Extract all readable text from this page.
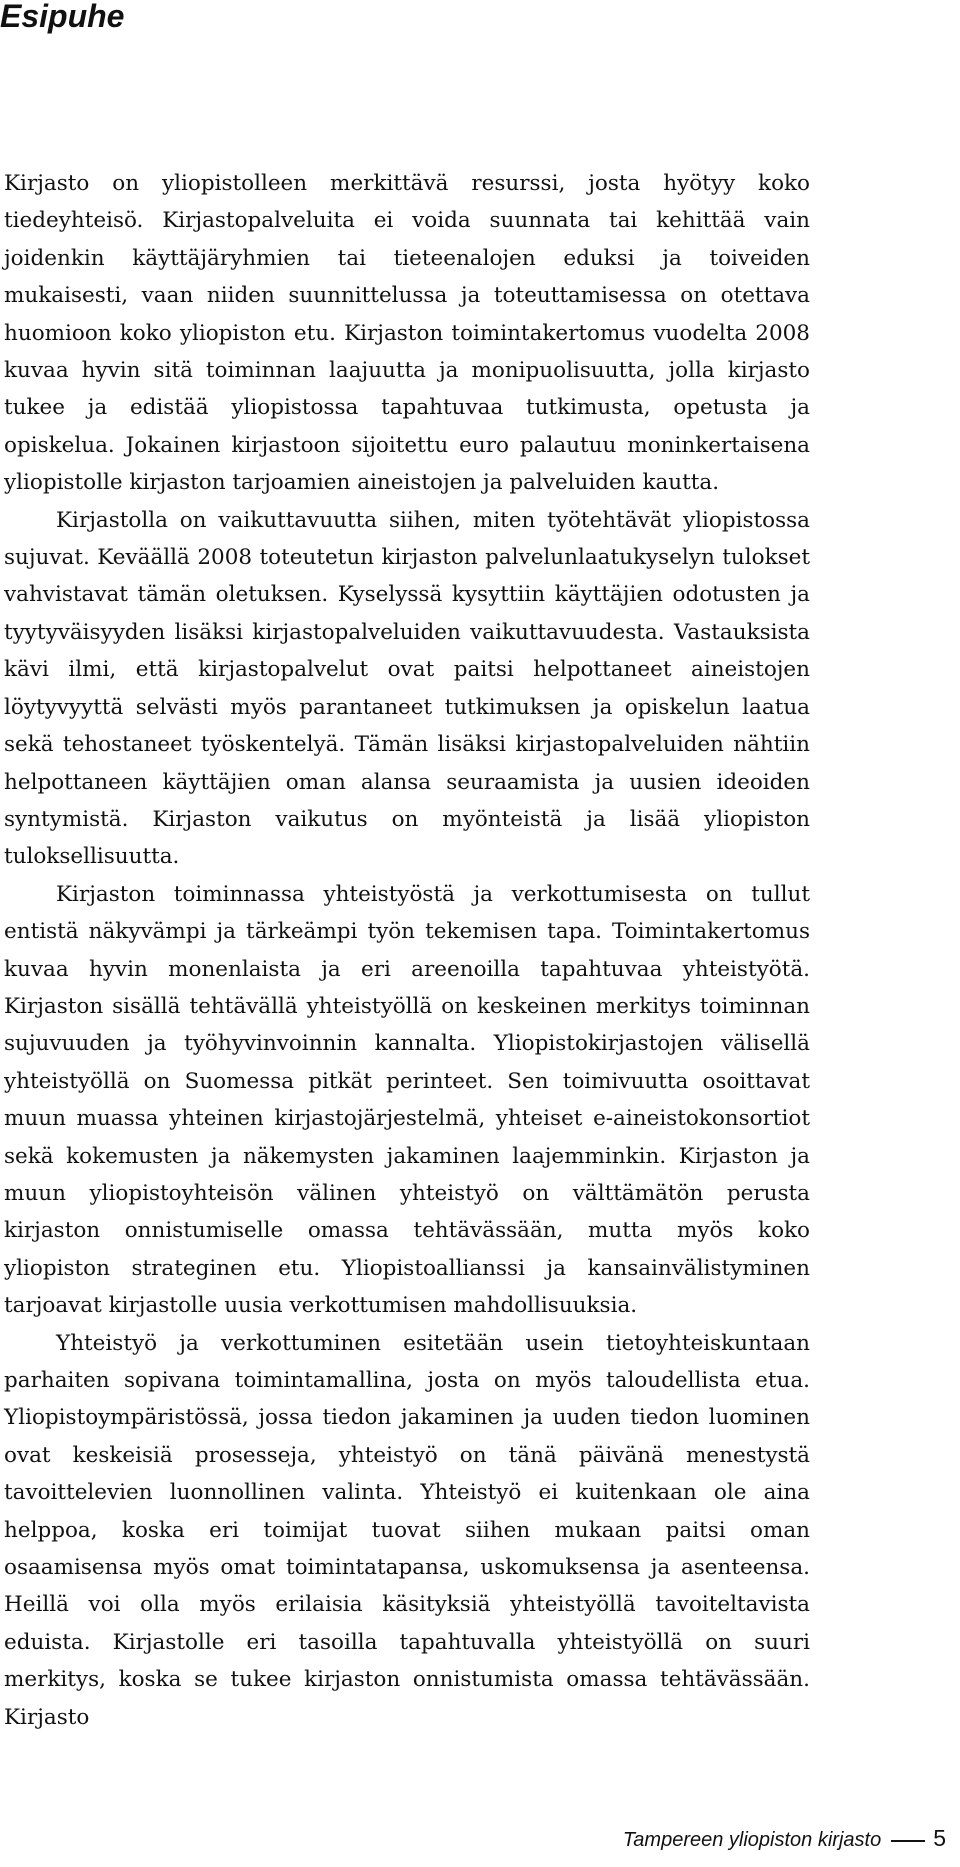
Esipuhe

Kirjasto on yliopistolleen merkittävä resurssi, josta hyötyy koko tiedeyhteisö. Kirjastopalveluita ei voida suunnata tai kehittää vain joidenkin käyttäjäryhmien tai tieteenalojen eduksi ja toiveiden mukaisesti, vaan niiden suunnittelussa ja toteuttamisessa on otettava huomioon koko yliopiston etu. Kirjaston toimintakertomus vuodelta 2008 kuvaa hyvin sitä toiminnan laajuutta ja monipuolisuutta, jolla kirjasto tukee ja edistää yliopistossa tapahtuvaa tutkimusta, opetusta ja opiskelua. Jokainen kirjastoon sijoitettu euro palautuu moninkertaisena yliopistolle kirjaston tarjoamien aineistojen ja palveluiden kautta.

Kirjastolla on vaikuttavuutta siihen, miten työtehtävät yliopistossa sujuvat. Keväällä 2008 toteutetun kirjaston palvelunlaatukyselyn tulokset vahvistavat tämän oletuksen. Kyselyssä kysyttiin käyttäjien odotusten ja tyytyväisyyden lisäksi kirjastopalveluiden vaikuttavuudesta. Vastauksista kävi ilmi, että kirjastopalvelut ovat paitsi helpottaneet aineistojen löytyvyyttä selvästi myös parantaneet tutkimuksen ja opiskelun laatua sekä tehostaneet työskentelyä. Tämän lisäksi kirjastopalveluiden nähtiin helpottaneen käyttäjien oman alansa seuraamista ja uusien ideoiden syntymistä. Kirjaston vaikutus on myönteistä ja lisää yliopiston tuloksellisuutta.

Kirjaston toiminnassa yhteistyöstä ja verkottumisesta on tullut entistä näkyvämpi ja tärkeämpi työn tekemisen tapa. Toimintakertomus kuvaa hyvin monenlaista ja eri areenoilla tapahtuvaa yhteistyötä. Kirjaston sisällä tehtävällä yhteistyöllä on keskeinen merkitys toiminnan sujuvuuden ja työhyvinvoinnin kannalta. Yliopistokirjastojen välisellä yhteistyöllä on Suomessa pitkät perinteet. Sen toimivuutta osoittavat muun muassa yhteinen kirjastojärjestelmä, yhteiset e-aineistokonsortiot sekä kokemusten ja näkemysten jakaminen laajemminkin. Kirjaston ja muun yliopistoyhteisön välinen yhteistyö on välttämätön perusta kirjaston onnistumiselle omassa tehtävässään, mutta myös koko yliopiston strateginen etu. Yliopistoallianssi ja kansainvälistyminen tarjoavat kirjastolle uusia verkottumisen mahdollisuuksia.

Yhteistyö ja verkottuminen esitetään usein tietoyhteiskuntaan parhaiten sopivana toimintamallina, josta on myös taloudellista etua. Yliopistoympäristössä, jossa tiedon jakaminen ja uuden tiedon luominen ovat keskeisiä prosesseja, yhteistyö on tänä päivänä menestystä tavoittelevien luonnollinen valinta. Yhteistyö ei kuitenkaan ole aina helppoa, koska eri toimijat tuovat siihen mukaan paitsi oman osaamisensa myös omat toimintatapansa, uskomuksensa ja asenteensa. Heillä voi olla myös erilaisia käsityksiä yhteistyöllä tavoiteltavista eduista. Kirjastolle eri tasoilla tapahtuvalla yhteistyöllä on suuri merkitys, koska se tukee kirjaston onnistumista omassa tehtävässään. Kirjasto

Tampereen yliopiston kirjasto 5
